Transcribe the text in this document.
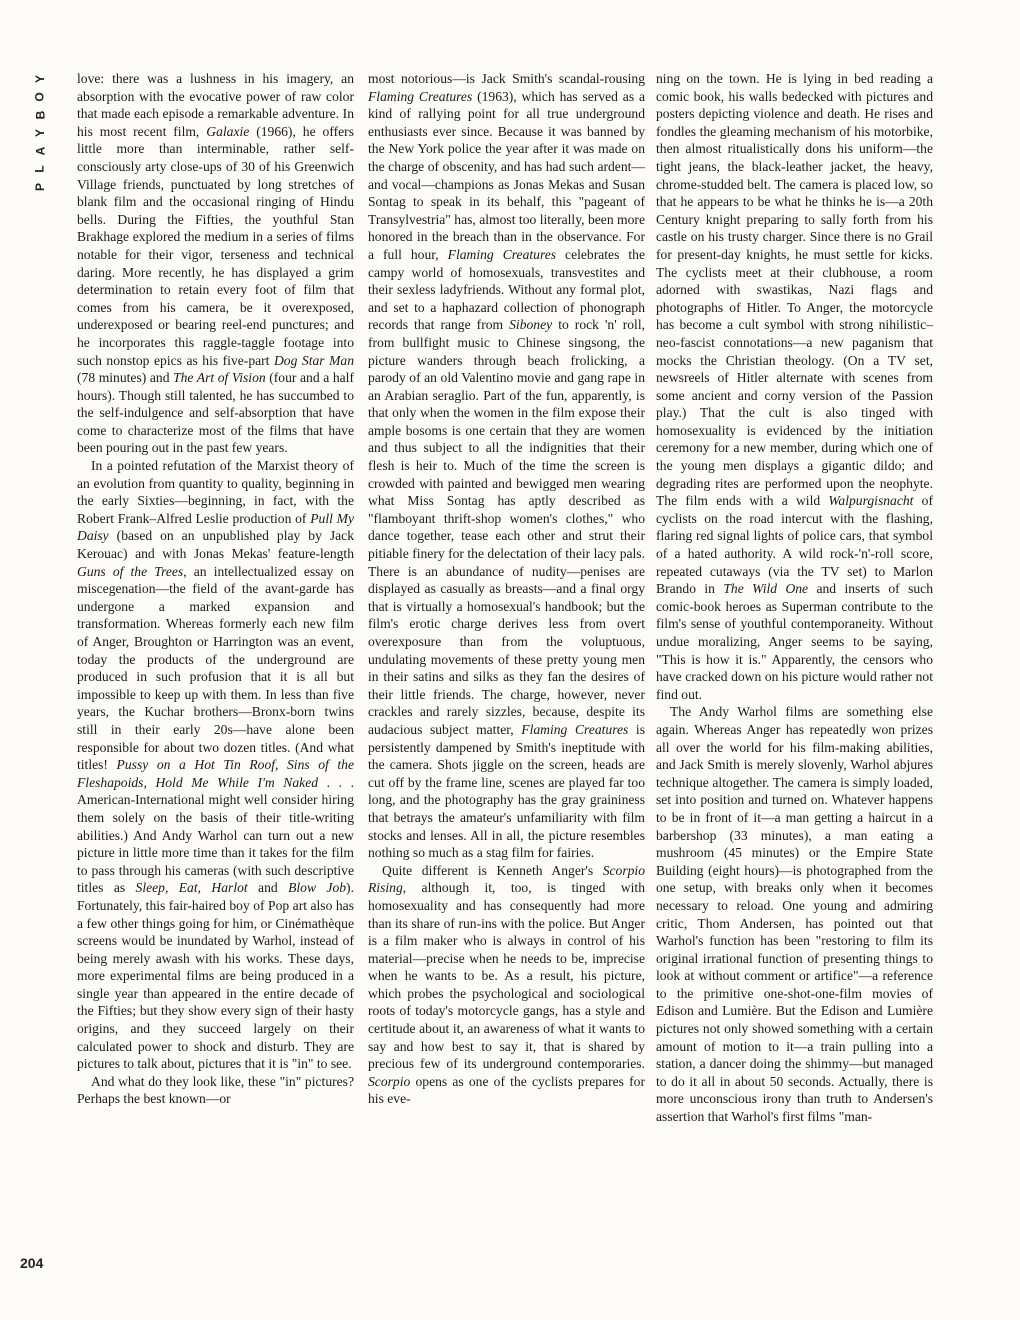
Y
O
B
Y
A
L
P
204

love: there was a lushness in his imagery, an absorption with the evocative power of raw color that made each episode a remarkable adventure. In his most recent film, Galaxie (1966), he offers little more than interminable, rather self-consciously arty close-ups of 30 of his Greenwich Village friends, punctuated by long stretches of blank film and the occasional ringing of Hindu bells. During the Fifties, the youthful Stan Brakhage explored the medium in a series of films notable for their vigor, terseness and technical daring. More recently, he has displayed a grim determination to retain every foot of film that comes from his camera, be it overexposed, underexposed or bearing reel-end punctures; and he incorporates this raggle-taggle footage into such nonstop epics as his five-part Dog Star Man (78 minutes) and The Art of Vision (four and a half hours). Though still talented, he has succumbed to the self-indulgence and self-absorption that have come to characterize most of the films that have been pouring out in the past few years.

In a pointed refutation of the Marxist theory of an evolution from quantity to quality, beginning in the early Sixties—beginning, in fact, with the Robert Frank–Alfred Leslie production of Pull My Daisy (based on an unpublished play by Jack Kerouac) and with Jonas Mekas' feature-length Guns of the Trees, an intellectualized essay on miscegenation—the field of the avant-garde has undergone a marked expansion and transformation. Whereas formerly each new film of Anger, Broughton or Harrington was an event, today the products of the underground are produced in such profusion that it is all but impossible to keep up with them. In less than five years, the Kuchar brothers—Bronx-born twins still in their early 20s—have alone been responsible for about two dozen titles. (And what titles! Pussy on a Hot Tin Roof, Sins of the Fleshapoids, Hold Me While I'm Naked . . . American-International might well consider hiring them solely on the basis of their title-writing abilities.) And Andy Warhol can turn out a new picture in little more time than it takes for the film to pass through his cameras (with such descriptive titles as Sleep, Eat, Harlot and Blow Job). Fortunately, this fair-haired boy of Pop art also has a few other things going for him, or Cinémathèque screens would be inundated by Warhol, instead of being merely awash with his works. These days, more experimental films are being produced in a single year than appeared in the entire decade of the Fifties; but they show every sign of their hasty origins, and they succeed largely on their calculated power to shock and disturb. They are pictures to talk about, pictures that it is "in" to see.

And what do they look like, these "in" pictures? Perhaps the best known—or

most notorious—is Jack Smith's scandal-rousing Flaming Creatures (1963), which has served as a kind of rallying point for all true underground enthusiasts ever since. Because it was banned by the New York police the year after it was made on the charge of obscenity, and has had such ardent—and vocal—champions as Jonas Mekas and Susan Sontag to speak in its behalf, this "pageant of Transylvestria" has, almost too literally, been more honored in the breach than in the observance. For a full hour, Flaming Creatures celebrates the campy world of homosexuals, transvestites and their sexless ladyfriends. Without any formal plot, and set to a haphazard collection of phonograph records that range from Siboney to rock 'n' roll, from bullfight music to Chinese singsong, the picture wanders through beach frolicking, a parody of an old Valentino movie and gang rape in an Arabian seraglio. Part of the fun, apparently, is that only when the women in the film expose their ample bosoms is one certain that they are women and thus subject to all the indignities that their flesh is heir to. Much of the time the screen is crowded with painted and bewigged men wearing what Miss Sontag has aptly described as "flamboyant thrift-shop women's clothes," who dance together, tease each other and strut their pitiable finery for the delectation of their lacy pals. There is an abundance of nudity—penises are displayed as casually as breasts—and a final orgy that is virtually a homosexual's handbook; but the film's erotic charge derives less from overt overexposure than from the voluptuous, undulating movements of these pretty young men in their satins and silks as they fan the desires of their little friends. The charge, however, never crackles and rarely sizzles, because, despite its audacious subject matter, Flaming Creatures is persistently dampened by Smith's ineptitude with the camera. Shots jiggle on the screen, heads are cut off by the frame line, scenes are played far too long, and the photography has the gray graininess that betrays the amateur's unfamiliarity with film stocks and lenses. All in all, the picture resembles nothing so much as a stag film for fairies.

Quite different is Kenneth Anger's Scorpio Rising, although it, too, is tinged with homosexuality and has consequently had more than its share of run-ins with the police. But Anger is a film maker who is always in control of his material—precise when he needs to be, imprecise when he wants to be. As a result, his picture, which probes the psychological and sociological roots of today's motorcycle gangs, has a style and certitude about it, an awareness of what it wants to say and how best to say it, that is shared by precious few of its underground contemporaries. Scorpio opens as one of the cyclists prepares for his eve-

ning on the town. He is lying in bed reading a comic book, his walls bedecked with pictures and posters depicting violence and death. He rises and fondles the gleaming mechanism of his motorbike, then almost ritualistically dons his uniform—the tight jeans, the black-leather jacket, the heavy, chrome-studded belt. The camera is placed low, so that he appears to be what he thinks he is—a 20th Century knight preparing to sally forth from his castle on his trusty charger. Since there is no Grail for present-day knights, he must settle for kicks. The cyclists meet at their clubhouse, a room adorned with swastikas, Nazi flags and photographs of Hitler. To Anger, the motorcycle has become a cult symbol with strong nihilistic–neo-fascist connotations—a new paganism that mocks the Christian theology. (On a TV set, newsreels of Hitler alternate with scenes from some ancient and corny version of the Passion play.) That the cult is also tinged with homosexuality is evidenced by the initiation ceremony for a new member, during which one of the young men displays a gigantic dildo; and degrading rites are performed upon the neophyte. The film ends with a wild Walpurgisnacht of cyclists on the road intercut with the flashing, flaring red signal lights of police cars, that symbol of a hated authority. A wild rock-'n'-roll score, repeated cutaways (via the TV set) to Marlon Brando in The Wild One and inserts of such comic-book heroes as Superman contribute to the film's sense of youthful contemporaneity. Without undue moralizing, Anger seems to be saying, "This is how it is." Apparently, the censors who have cracked down on his picture would rather not find out.

The Andy Warhol films are something else again. Whereas Anger has repeatedly won prizes all over the world for his film-making abilities, and Jack Smith is merely slovenly, Warhol abjures technique altogether. The camera is simply loaded, set into position and turned on. Whatever happens to be in front of it—a man getting a haircut in a barbershop (33 minutes), a man eating a mushroom (45 minutes) or the Empire State Building (eight hours)—is photographed from the one setup, with breaks only when it becomes necessary to reload. One young and admiring critic, Thom Andersen, has pointed out that Warhol's function has been "restoring to film its original irrational function of presenting things to look at without comment or artifice"—a reference to the primitive one-shot-one-film movies of Edison and Lumière. But the Edison and Lumière pictures not only showed something with a certain amount of motion to it—a train pulling into a station, a dancer doing the shimmy—but managed to do it all in about 50 seconds. Actually, there is more unconscious irony than truth to Andersen's assertion that Warhol's first films "man-
